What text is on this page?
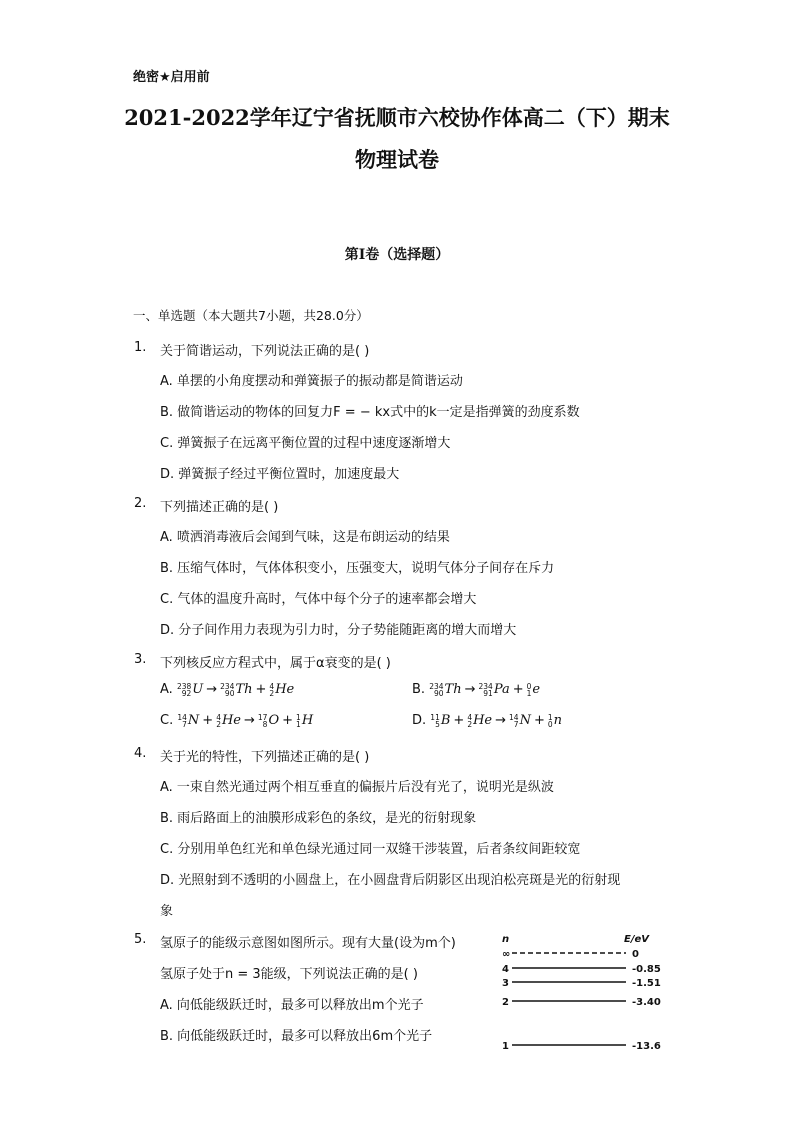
绝密★启用前
2021-2022学年辽宁省抚顺市六校协作体高二（下）期末
物理试卷
第Ⅰ卷（选择题）
一、单选题（本大题共7小题，共28.0分）
1. 关于简谐运动，下列说法正确的是( )
A. 单摆的小角度摆动和弹簧振子的振动都是简谐运动
B. 做简谐运动的物体的回复力F = − kx式中的k一定是指弹簧的劲度系数
C. 弹簧振子在远离平衡位置的过程中速度逐渐增大
D. 弹簧振子经过平衡位置时，加速度最大
2. 下列描述正确的是( )
A. 喷洒消毒液后会闻到气味，这是布朗运动的结果
B. 压缩气体时，气体体积变小，压强变大，说明气体分子间存在斥力
C. 气体的温度升高时，气体中每个分子的速率都会增大
D. 分子间作用力表现为引力时，分子势能随距离的增大而增大
3. 下列核反应方程式中，属于α衰变的是( )
A. 238
92 U → 234
90 Th + 4
2 He	B. 234
90 Th → 234
91 Pa + 0
1 e
C. 14
7 N + 4
2 He → 17
8 O + 1
1 H	D. 11
5 B + 4
2 He → 14
7 N + 1
0 n
4. 关于光的特性，下列描述正确的是( )
A. 一束自然光通过两个相互垂直的偏振片后没有光了，说明光是纵波
B. 雨后路面上的油膜形成彩色的条纹，是光的衍射现象
C. 分别用单色红光和单色绿光通过同一双缝干涉装置，后者条纹间距较宽
D. 光照射到不透明的小圆盘上，在小圆盘背后阴影区出现泊松亮斑是光的衍射现
象
5. 氢原子的能级示意图如图所示。现有大量(设为m个)
氢原子处于n = 3能级，下列说法正确的是( )
A. 向低能级跃迁时，最多可以释放出m个光子
B. 向低能级跃迁时，最多可以释放出6m个光子
n	E/eV
∞	0
4	-0.85
3	-1.51
2	-3.40
1	-13.6
